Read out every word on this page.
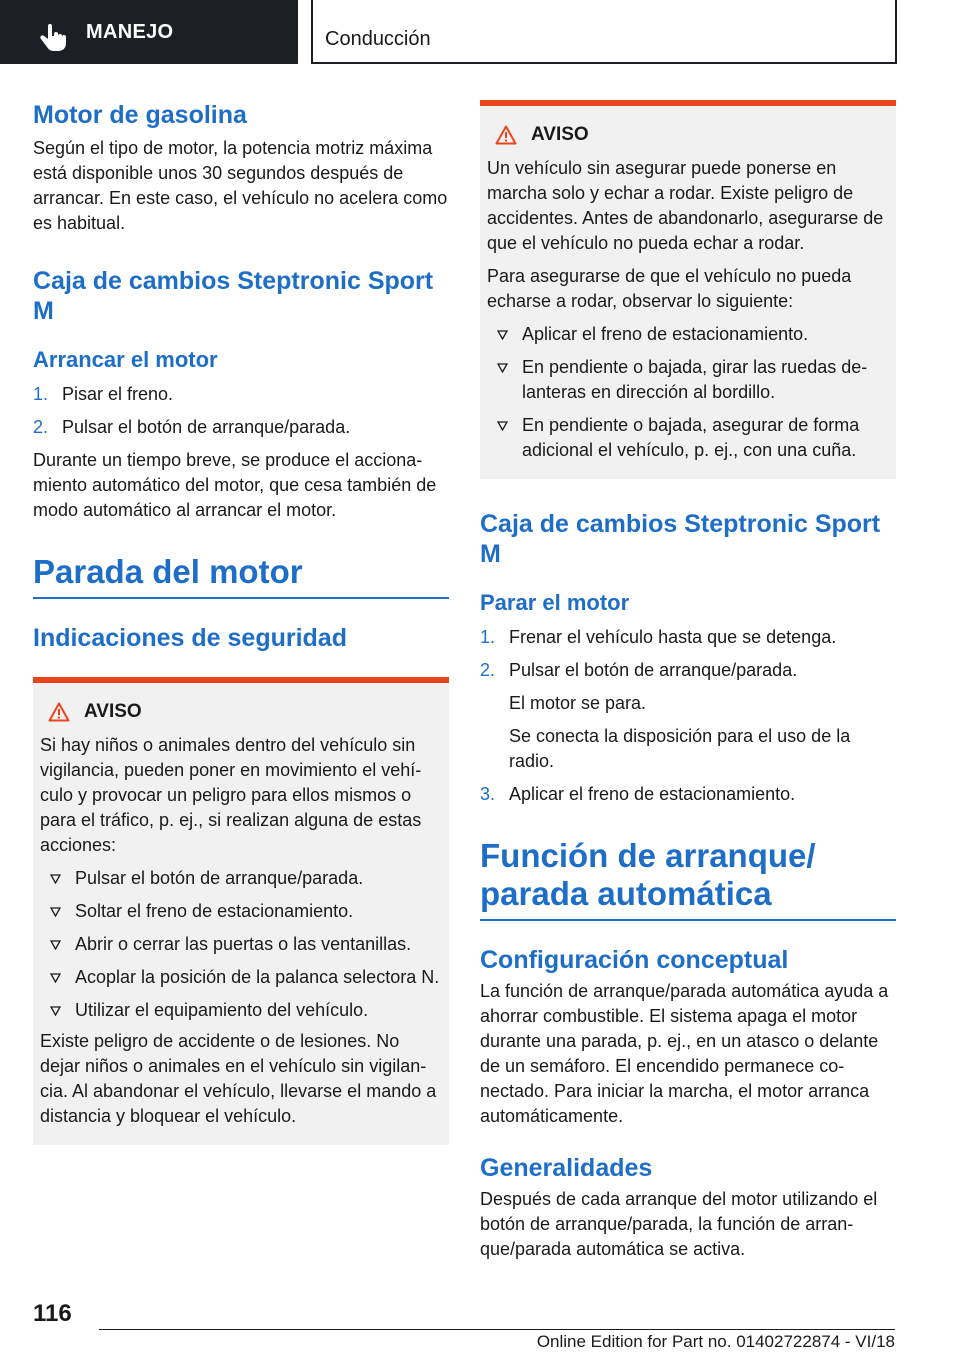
MANEJO	Conducción
Motor de gasolina

Según el tipo de motor, la potencia motriz máxima está disponible unos 30 segundos después de arrancar. En este caso, el vehículo no acelera como es habitual.

Caja de cambios Steptronic Sport M
Arrancar el motor
1. Pisar el freno.
2. Pulsar el botón de arranque/parada.

Durante un tiempo breve, se produce el accionamiento automático del motor, que cesa también de modo automático al arrancar el motor.

Parada del motor
Indicaciones de seguridad
AVISO

Si hay niños o animales dentro del vehículo sin vigilancia, pueden poner en movimiento el vehículo y provocar un peligro para ellos mismos o para el tráfico, p. ej., si realizan alguna de estas acciones:

Pulsar el botón de arranque/parada.
Soltar el freno de estacionamiento.
Abrir o cerrar las puertas o las ventanillas.
Acoplar la posición de la palanca selectora N.
Utilizar el equipamiento del vehículo.

Existe peligro de accidente o de lesiones. No dejar niños o animales en el vehículo sin vigilancia. Al abandonar el vehículo, llevarse el mando a distancia y bloquear el vehículo.

AVISO

Un vehículo sin asegurar puede ponerse en marcha solo y echar a rodar. Existe peligro de accidentes. Antes de abandonarlo, asegurarse de que el vehículo no pueda echar a rodar.

Para asegurarse de que el vehículo no pueda echarse a rodar, observar lo siguiente:

Aplicar el freno de estacionamiento.
En pendiente o bajada, girar las ruedas delanteras en dirección al bordillo.
En pendiente o bajada, asegurar de forma adicional el vehículo, p. ej., con una cuña.
Caja de cambios Steptronic Sport M
Parar el motor
1. Frenar el vehículo hasta que se detenga.
2. Pulsar el botón de arranque/parada.
El motor se para.
Se conecta la disposición para el uso de la radio.
3. Aplicar el freno de estacionamiento.
Función de arranque/ parada automática
Configuración conceptual

La función de arranque/parada automática ayuda a ahorrar combustible. El sistema apaga el motor durante una parada, p. ej., en un atasco o delante de un semáforo. El encendido permanece conectado. Para iniciar la marcha, el motor arranca automáticamente.

Generalidades

Después de cada arranque del motor utilizando el botón de arranque/parada, la función de arranque/parada automática se activa.

116
Online Edition for Part no. 01402722874 - VI/18
